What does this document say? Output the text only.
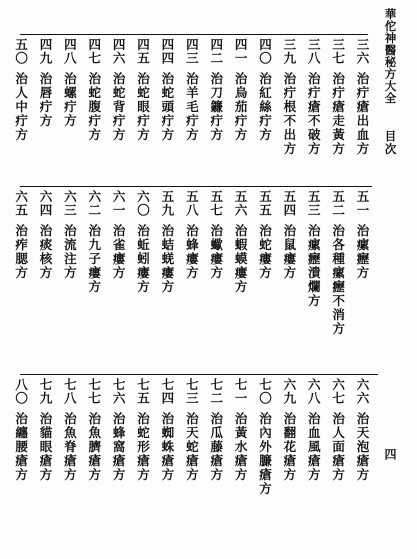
華佗神醫秘方大全
目次
四
三六
治疔瘡出血方
三七
治疔瘡走黃方
三八
治疔瘡不破方
三九
治疔根不出方
四〇
治紅絲疔方
四一
治烏茄疔方
四二
治刀鐮疔方
四三
治羊毛疔方
四四
治蛇頭疔方
四五
治蛇眼疔方
四六
治蛇背疔方
四七
治蛇腹疔方
四八
治螺疔方
四九
治唇疔方
五〇
治人中疔方
五一
治瘰癧方
五二
治各種瘰癧不消方
五三
治瘰癧潰爛方
五四
治鼠瘻方
五五
治蛇瘻方
五六
治蝦蟆瘻方
五七
治蠍瘻方
五八
治蜂瘻方
五九
治蛣蜣瘻方
六〇
治蚯蚓瘻方
六一
治雀瘻方
六二
治九子瘻方
六三
治流注方
六四
治痰核方
六五
治痄腮方
六六
治天泡瘡方
六七
治人面瘡方
六八
治血風瘡方
六九
治翻花瘡方
七〇
治內外臁瘡方
七一
治黃水瘡方
七二
治瓜藤瘡方
七三
治天蛇瘡方
七四
治蜘蛛瘡方
七五
治蛇形瘡方
七六
治蜂窩瘡方
七七
治魚臍瘡方
七八
治魚脊瘡方
七九
治貓眼瘡方
八〇
治纏腰瘡方
